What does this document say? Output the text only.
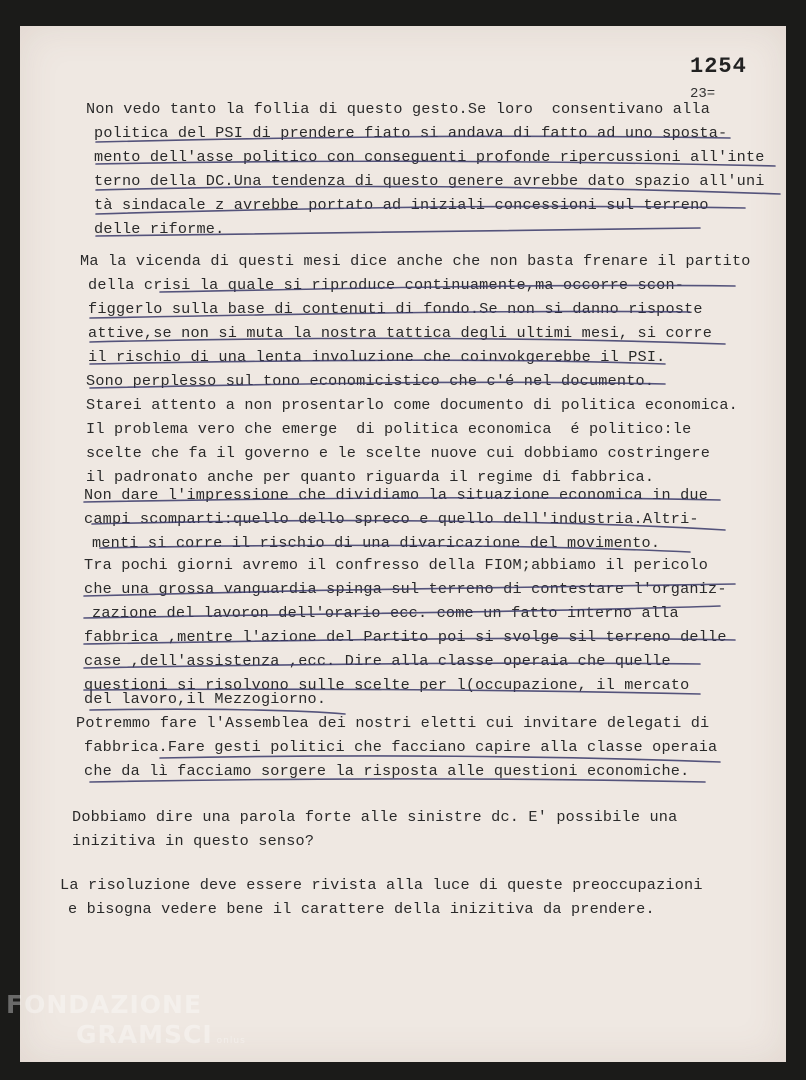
1254
23=
Non vedo tanto la follia di questo gesto.Se loro  consentivano alla
politica del PSI di prendere fiato si andava di fatto ad uno sposta-
mento dell'asse politico con conseguenti profonde ripercussioni all'inte
terno della DC.Una tendenza di questo genere avrebbe dato spazio all'uni
tà sindacale z avrebbe portato ad iniziali concessioni sul terreno
delle riforme.
Ma la vicenda di questi mesi dice anche che non basta frenare il partito
della crisi la quale si riproduce continuamente,ma occorre scon-
figgerlo sulla base di contenuti di fondo.Se non si danno risposte
attive,se non si muta la nostra tattica degli ultimi mesi, si corre
il rischio di una lenta involuzione che coinvokgerebbe il PSI.
Sono perplesso sul tono economicistico che c'é nel documento.
Starei attento a non prosentarlo come documento di politica economica.
Il problema vero che emerge  di politica economica  é politico:le
scelte che fa il governo e le scelte nuove cui dobbiamo costringere
il padronato anche per quanto riguarda il regime di fabbrica.
Non dare l'impressione che dividiamo la situazione economica in due
campi scomparti:quello dello spreco e quello dell'industria.Altri-
menti si corre il rischio di una divaricazione del movimento.
Tra pochi giorni avremo il confresso della FIOM;abbiamo il pericolo
che una grossa vanguardia spinga sul terreno di contestare l'organiz-
zazione del lavoron dell'orario ecc. come un fatto interno alla
fabbrica ,mentre l'azione del Partito poi si svolge sil terreno delle
case ,dell'assistenza ,ecc. Dire alla classe operaia che quelle
questioni si risolvono sulle scelte per l(occupazione, il mercato
del lavoro,il Mezzogiorno.
Potremmo fare l'Assemblea dei nostri eletti cui invitare delegati di
fabbrica.Fare gesti politici che facciano capire alla classe operaia
che da lì facciamo sorgere la risposta alle questioni economiche.
Dobbiamo dire una parola forte alle sinistre dc. E' possibile una
inizitiva in questo senso?
La risoluzione deve essere rivista alla luce di queste preoccupazioni
e bisogna vedere bene il carattere della inizitiva da prendere.
FONDAZIONE
GRAMSCI onlus
